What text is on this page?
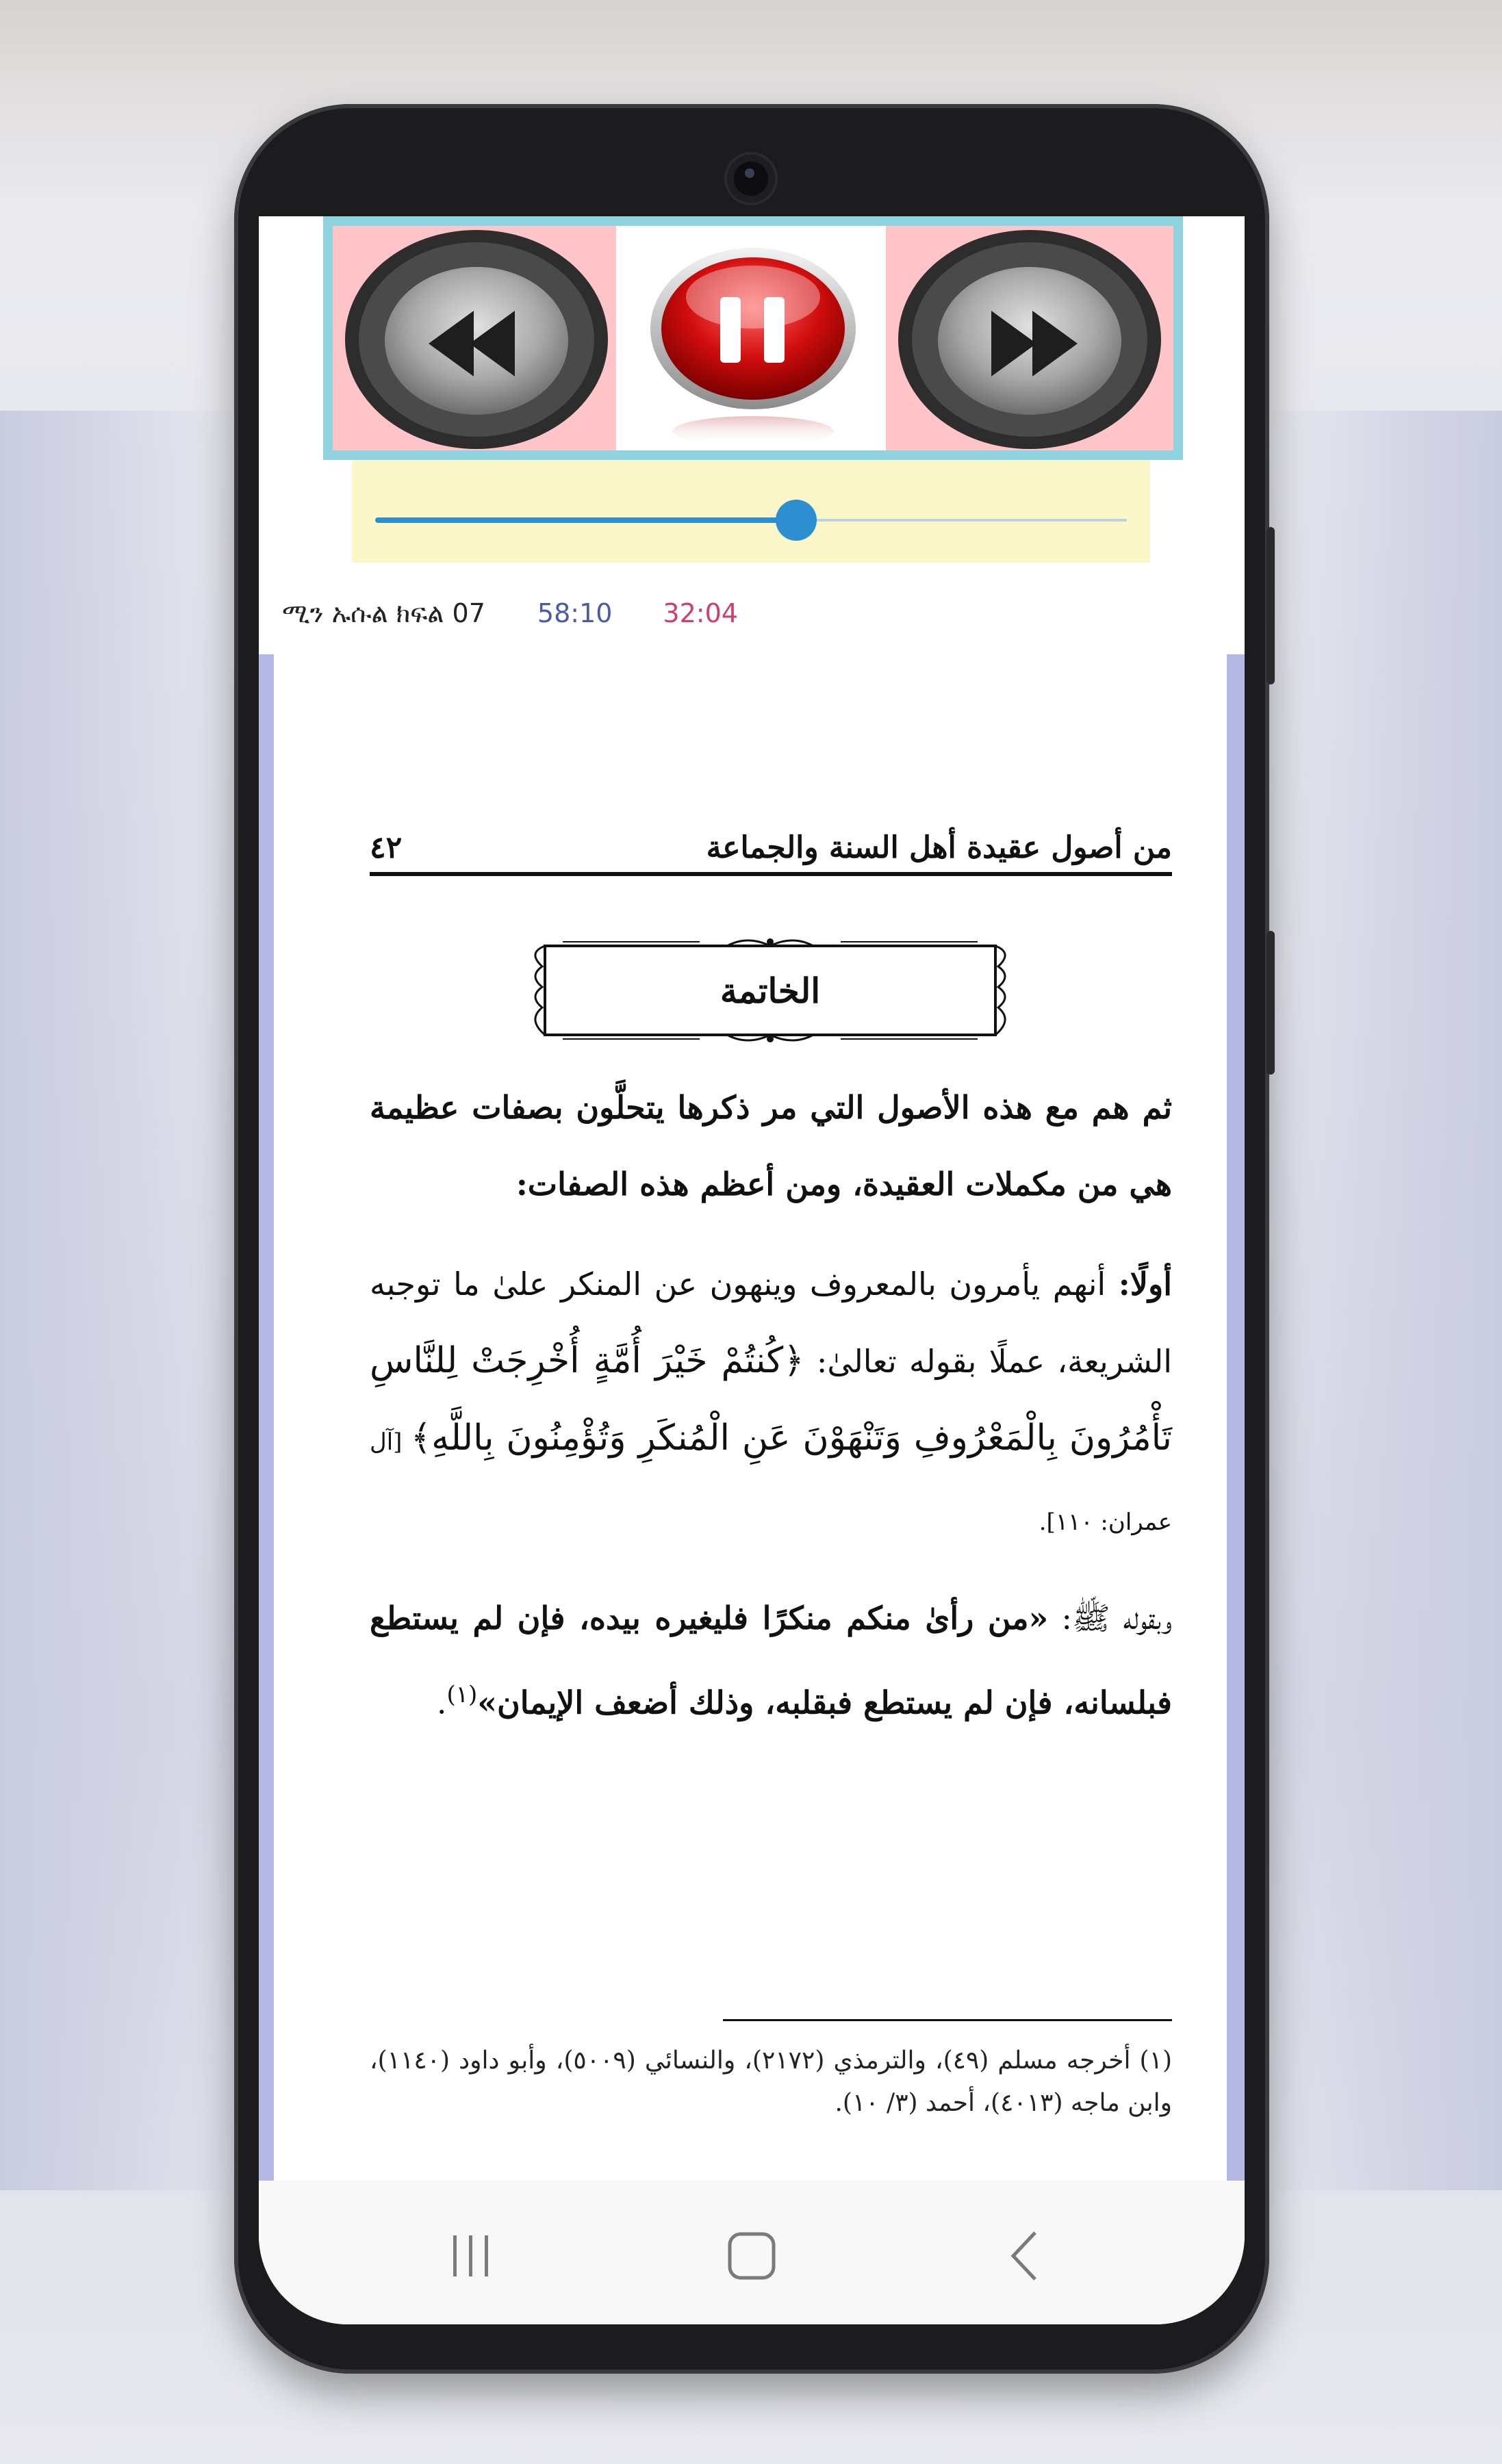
ሚን ኡሱል ክፍል 07 58:10 32:04
من أصول عقيدة أهل السنة والجماعة
٤٢
الخاتمة
ثم هم مع هذه الأصول التي مر ذكرها يتحلَّون بصفات عظيمة هي من مكملات العقيدة، ومن أعظم هذه الصفات:
أولًا: أنهم يأمرون بالمعروف وينهون عن المنكر علىٰ ما توجبه الشريعة، عملًا بقوله تعالىٰ: ﴿كُنتُمْ خَيْرَ أُمَّةٍ أُخْرِجَتْ لِلنَّاسِ تَأْمُرُونَ بِالْمَعْرُوفِ وَتَنْهَوْنَ عَنِ الْمُنكَرِ وَتُؤْمِنُونَ بِاللَّهِ﴾ [آل عمران: ١١٠].
وبقوله ﷺ: «من رأىٰ منكم منكرًا فليغيره بيده، فإن لم يستطع فبلسانه، فإن لم يستطع فبقلبه، وذلك أضعف الإيمان»$^{(١)}$.
(١) أخرجه مسلم (٤٩)، والترمذي (٢١٧٢)، والنسائي (٥٠٠٩)، وأبو داود (١١٤٠)، وابن ماجه (٤٠١٣)، أحمد (٣/ ١٠).
